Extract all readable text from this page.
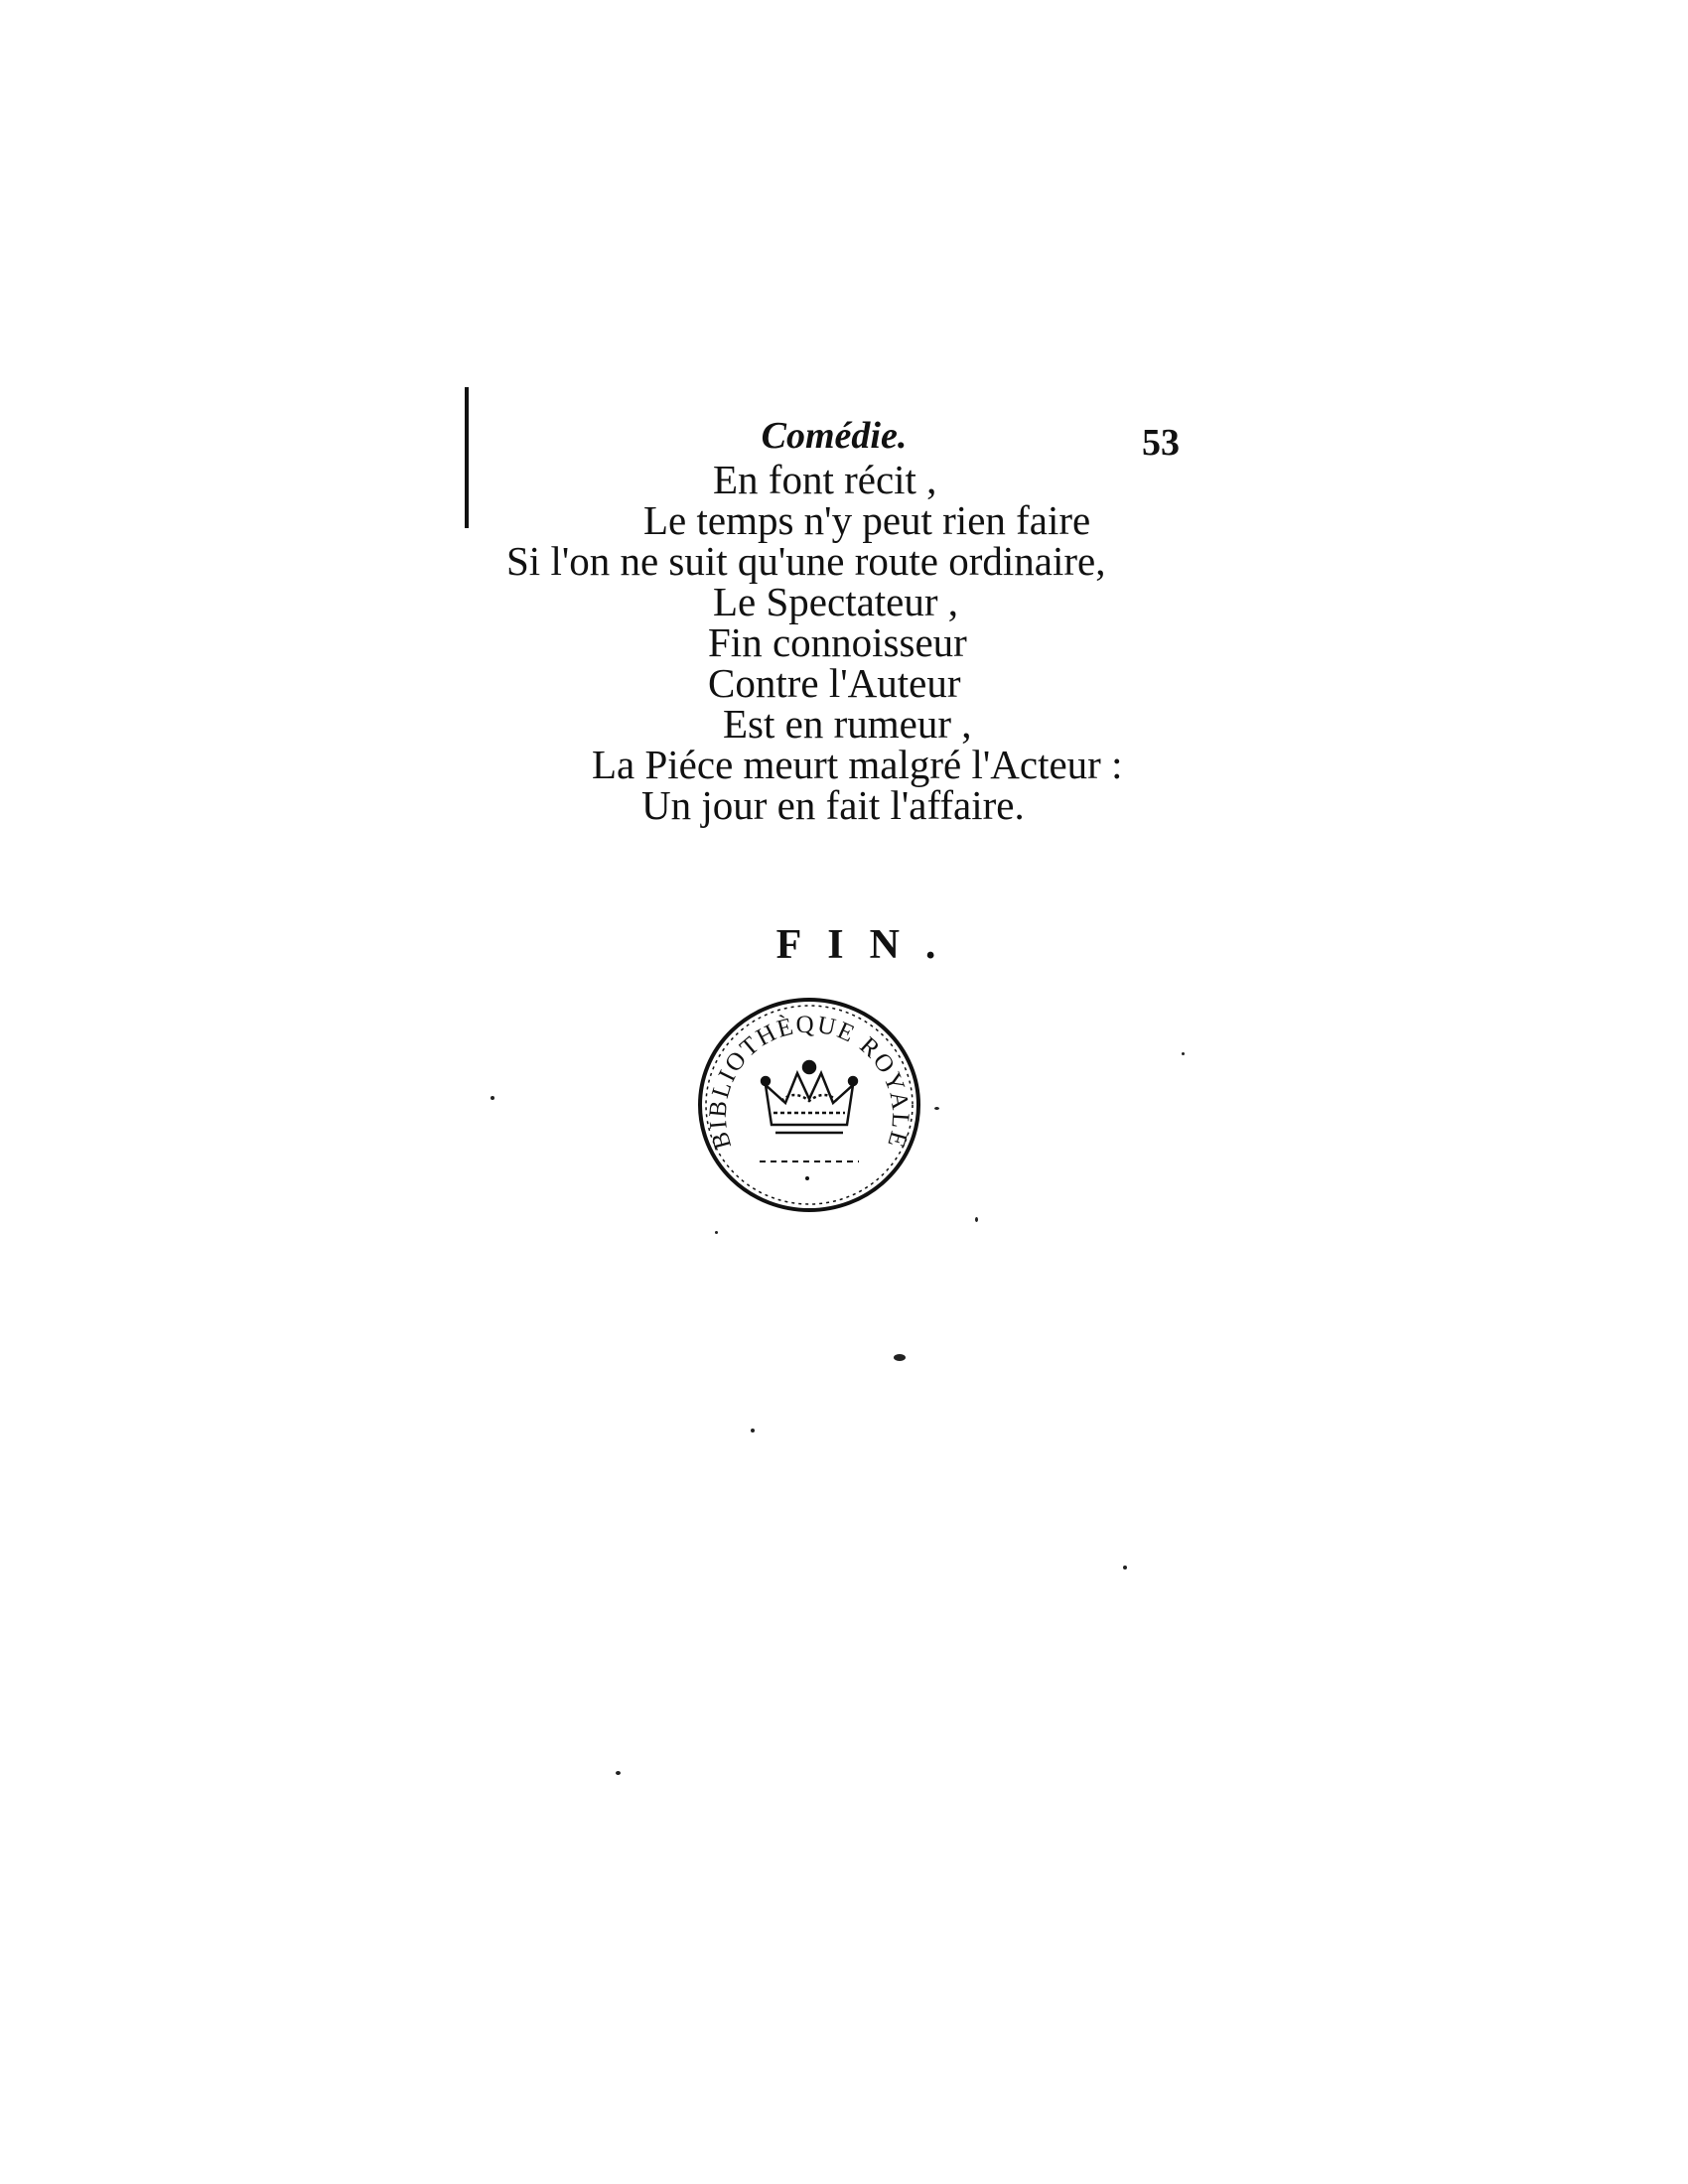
Comédie.	53
En font récit ,
Le temps n'y peut rien faire
Si l'on ne suit qu'une route ordinaire,
Le Spectateur ,
Fin connoisseur
Contre l'Auteur
Est en rumeur ,
La Piéce meurt malgré l'Acteur :
Un jour en fait l'affaire.
FIN.
BIBLIOTHÈQUE ROYALE
